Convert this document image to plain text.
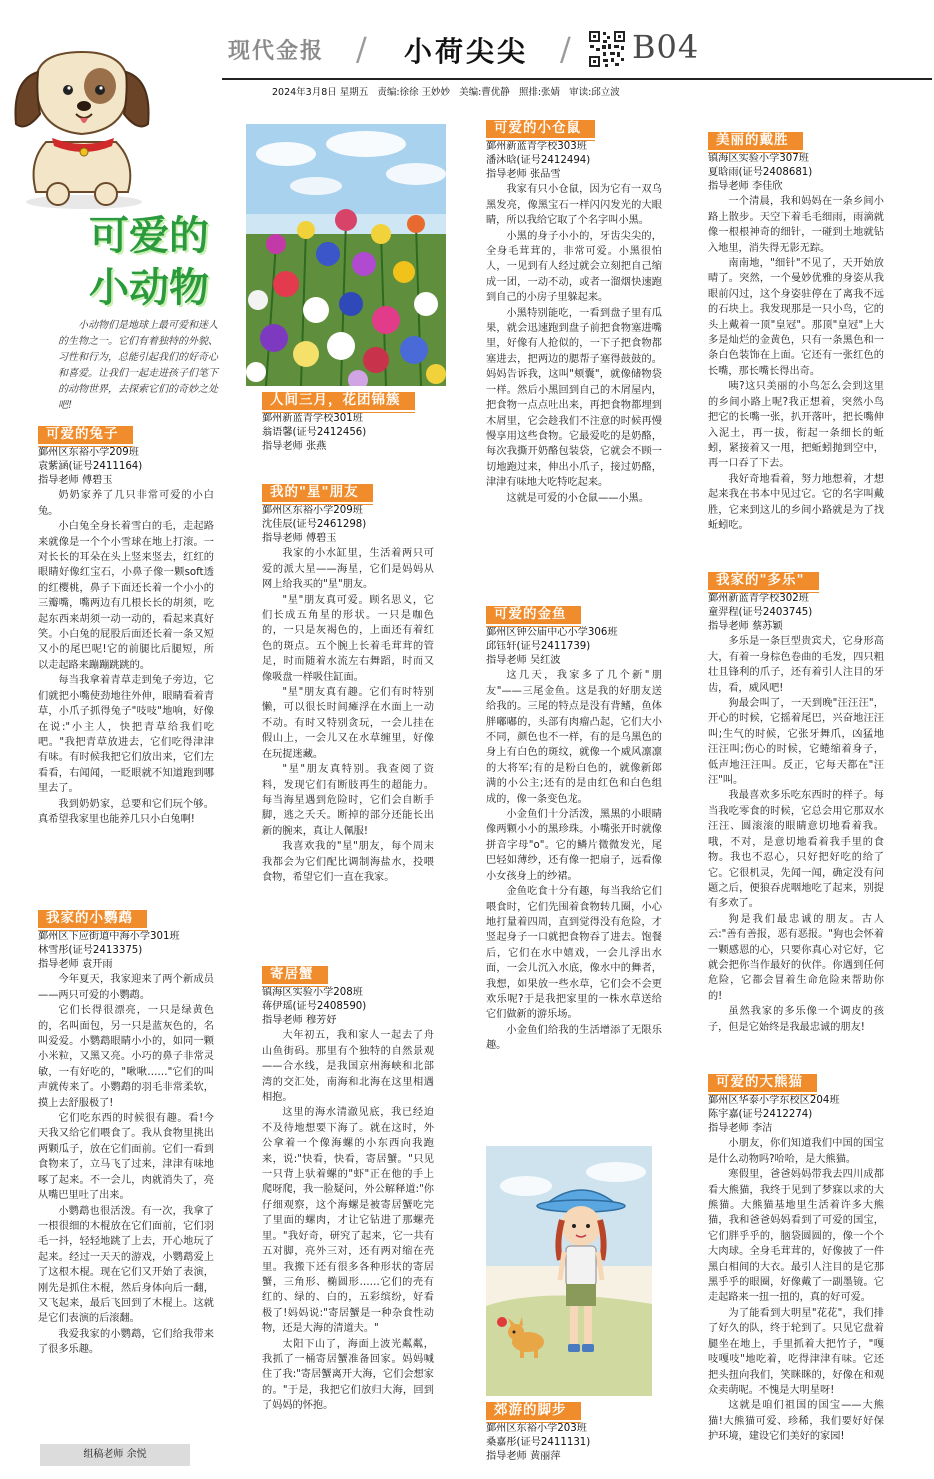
现代金报 / 小荷尖尖 / B04
2024年3月8日 星期五 责编:徐徐 王妙妙 美编:曹优静 照排:张婧 审读:邱立波
可爱的
小动物
小动物们是地球上最可爱和迷人的生物之一。它们有着独特的外貌、习性和行为，总能引起我们的好奇心和喜爱。让我们一起走进孩子们笔下的动物世界，去探索它们的奇妙之处吧!
可爱的兔子
鄞州区东裕小学209班
袁紫涵(证号2411164)
指导老师 傅碧玉

奶奶家养了几只非常可爱的小白兔。

小白兔全身长着雪白的毛，走起路来就像是一个个小雪球在地上打滚。一对长长的耳朵在头上竖来竖去，红红的眼睛好像红宝石，小鼻子像一颗soft透的红樱桃，鼻子下面还长着一个小小的三瓣嘴，嘴两边有几根长长的胡须，吃起东西来胡须一动一动的，看起来真好笑。小白兔的屁股后面还长着一条又短又小的尾巴呢!它的前腿比后腿短，所以走起路来蹦蹦跳跳的。

每当我拿着青草走到兔子旁边，它们就把小嘴使劲地往外伸，眼睛看着青草，小爪子抓得兔子"吱吱"地响，好像在说:"小主人，快把青草给我们吃吧。"我把青草放进去，它们吃得津津有味。有时候我把它们放出来，它们左看看，右闻闻，一眨眼就不知道跑到哪里去了。

我到奶奶家，总要和它们玩个够。真希望我家里也能养几只小白兔啊!

我家的小鹦鹉
鄞州区下应街道中海小学301班
林雪彤(证号2413375)
指导老师 袁开雨

今年夏天，我家迎来了两个新成员——两只可爱的小鹦鹉。

它们长得很漂亮，一只是绿黄色的，名叫面包，另一只是蓝灰色的，名叫爱爱。小鹦鹉眼睛小小的，如同一颗小米粒，又黑又亮。小巧的鼻子非常灵敏，一有好吃的，"啾啾……"它们的叫声就传来了。小鹦鹉的羽毛非常柔软，摸上去舒服极了!

它们吃东西的时候很有趣。看!今天我又给它们喂食了。我从食物里挑出两颗瓜子，放在它们面前。它们一看到食物来了，立马飞了过来，津津有味地啄了起来。不一会儿，肉就消失了，亮从嘴巴里吐了出来。

小鹦鹉也很活泼。有一次，我拿了一根很细的木棍放在它们面前，它们羽毛一抖，轻轻地跳了上去，开心地玩了起来。经过一天天的游戏，小鹦鹉爱上了这根木棍。现在它们又开始了表演，刚先是抓住木棍，然后身体向后一翻，又飞起来，最后飞回到了木棍上。这就是它们表演的后滚翻。

我爱我家的小鹦鹉，它们给我带来了很多乐趣。

组稿老师 余悦
人间三月，花团锦簇
鄞州新蓝青学校301班
翁语馨(证号2412456)
指导老师 张燕
我的"星"朋友
鄞州区东裕小学209班
沈佳辰(证号2461298)
指导老师 傅碧玉

我家的小水缸里，生活着两只可爱的派大星——海星，它们是妈妈从网上给我买的"星"朋友。

"星"朋友真可爱。顾名思义，它们长成五角星的形状。一只是咖色的，一只是灰褐色的，上面还有着红色的斑点。五个腕上长着毛茸茸的管足，时而随着水流左右舞蹈，时而又像吸盘一样吸住缸面。

"星"朋友真有趣。它们有时特别懒，可以很长时间瘫浮在水面上一动不动。有时又特别贪玩，一会儿挂在假山上，一会儿又在水草缠里，好像在玩捉迷藏。

"星"朋友真特别。我查阅了资料，发现它们有断肢再生的超能力。每当海星遇到危险时，它们会自断手脚，逃之夭夭。断掉的部分还能长出新的腕来，真让人佩服!

我喜欢我的"星"朋友，每个周末我都会为它们配比调制海盐水，投喂食物，希望它们一直在我家。

寄居蟹
镇海区实验小学208班
蒋伊瑶(证号2408590)
指导老师 穆芳妤

大年初五，我和家人一起去了舟山鱼街码。那里有个独特的自然景观——合水线，是我国京州海峡和北部湾的交汇处，南海和北海在这里相遇相抱。

这里的海水清澈见底，我已经迫不及待地想要下海了。就在这时，外公拿着一个像海螺的小东西向我跑来，说:"快看，快看，寄居蟹。"只见一只背上驮着螺的"虾"正在他的手上爬呀爬，我一脸疑问，外公解释道:"你仔细观察，这个海螺是被寄居蟹吃完了里面的螺肉，才让它钻进了那螺壳里。"我好奇，研究了起来，它一共有五对脚，亮外三对，还有两对缩在壳里。我搬下还有很多各种形状的寄居蟹，三角形、椭圆形……它们的壳有红的、绿的、白的，五彩缤纷，好看极了!妈妈说:"寄居蟹是一种杂食性动物，还是大海的清道夫。"

太阳下山了，海面上波光粼粼，我抓了一桶寄居蟹准备回家。妈妈喊住了我:"寄居蟹离开大海，它们会想家的。"于是，我把它们放归大海，回到了妈妈的怀抱。

可爱的小仓鼠
鄞州新蓝青学校303班
潘沐晗(证号2412494)
指导老师 张品雪

我家有只小仓鼠，因为它有一双乌黑发亮，像黑宝石一样闪闪发光的大眼睛，所以我给它取了个名字叫小黑。

小黑的身子小小的，牙齿尖尖的，全身毛茸茸的，非常可爱。小黑很怕人，一见到有人经过就会立刻把自己缩成一团，一动不动，或者一溜烟快速跑到自己的小房子里躲起来。

小黑特别能吃，一看到盘子里有瓜果，就会迅速跑到盘子前把食物塞进嘴里，好像有人抢似的，一下子把食物都塞进去，把两边的腮帮子塞得鼓鼓的。妈妈告诉我，这叫"颊囊"，就像储物袋一样。然后小黑回到自己的木屑屋内，把食物一点点吐出来，再把食物都埋到木屑里，它会趁我们不注意的时候再慢慢享用这些食物。它最爱吃的是奶酪，每次我撕开奶酪包装袋，它就会不顾一切地跑过来，伸出小爪子，接过奶酪，津津有味地大吃特吃起来。

这就是可爱的小仓鼠——小黑。

可爱的金鱼
鄞州区钟公庙中心小学306班
邱钰轩(证号2411739)
指导老师 吴红波

这几天，我家多了几个新"朋友"——三尾金鱼。这是我的好朋友送给我的。三尾的特点是没有背鳍，鱼体胖嘟嘟的，头部有肉瘤凸起，它们大小不同，颜色也不一样，有的是乌黑色的身上有白色的斑纹，就像一个威风凛凛的大将军;有的是粉白色的，就像新郎满的小公主;还有的是由红色和白色组成的，像一条变色龙。

小金鱼们十分活泼，黑黑的小眼睛像两颗小小的黑珍珠。小嘴张开时就像拼音字母"o"。它的鳞片微微发光，尾巴轻如薄纱，还有像一把扇子，远看像小女孩身上的纱裙。

金鱼吃食十分有趣，每当我给它们喂食时，它们先围着食物转几圈，小心地打量着四周，直到觉得没有危险，才竖起身子一口就把食物吞了进去。饱餐后，它们在水中嬉戏，一会儿浮出水面，一会儿沉入水底，像水中的舞者，我想，如果放一些水草，它们会不会更欢乐呢?于是我把家里的一株水草送给它们做新的游乐场。

小金鱼们给我的生活增添了无限乐趣。

郊游的脚步
鄞州区东裕小学203班
桑嘉彤(证号2411131)
指导老师 黄丽萍
美丽的戴胜
镇海区实验小学307班
夏晗雨(证号2408681)
指导老师 李佳欣

一个清晨，我和妈妈在一条乡间小路上散步。天空下着毛毛细雨，雨滴就像一根根神奇的细针，一碰到土地就钻入地里，消失得无影无踪。

南南地，"细针"不见了，天开始放晴了。突然，一个曼妙优雅的身姿从我眼前闪过，这个身姿驻停在了离我不远的石块上。我发现那是一只小鸟，它的头上戴着一顶"皇冠"。那顶"皇冠"上大多是灿烂的金黄色，只有一条黑色和一条白色装饰在上面。它还有一张红色的长嘴，那长嘴长得出奇。

咦?这只美丽的小鸟怎么会到这里的乡间小路上呢?我正想着，突然小鸟把它的长嘴一张，扒开落叶，把长嘴伸入泥土，再一拔，衔起一条细长的蚯蚓，紧接着又一甩，把蚯蚓抛到空中，再一口吞了下去。

我好奇地看着，努力地想着，才想起来我在书本中见过它。它的名字叫戴胜，它来到这儿的乡间小路就是为了找蚯蚓吃。

我家的"多乐"
鄞州新蓝青学校302班
童羿程(证号2403745)
指导老师 蔡苏颖

多乐是一条巨型贵宾犬，它身形高大，有着一身棕色卷曲的毛发，四只粗壮且锋利的爪子，还有着引人注目的牙齿，看，威风吧!

狗最会叫了，一天到晚"汪汪汪"，开心的时候，它摇着尾巴，兴奋地汪汪叫;生气的时候，它张牙舞爪，凶猛地汪汪叫;伤心的时候，它蜷缩着身子，低声地汪汪叫。反正，它每天都在"汪汪"叫。

我最喜欢多乐吃东西时的样子。每当我吃零食的时候，它总会用它那双水汪汪、圆滚滚的眼睛意切地看着我。哦，不对，是意切地看着我手里的食物。我也不忍心，只好把好吃的给了它。它很机灵，先闻一闻，确定没有问题之后，便狼吞虎咽地吃了起来，别提有多欢了。

狗是我们最忠诚的朋友。古人云:"善有善报，恶有恶报。"狗也会怀着一颗感恩的心，只要你真心对它好，它就会把你当作最好的伙伴。你遇到任何危险，它都会冒着生命危险来帮助你的!

虽然我家的多乐像一个调皮的孩子，但是它始终是我最忠诚的朋友!

可爱的大熊猫
鄞州区华泰小学东校区204班
陈宇嘉(证号2412274)
指导老师 李洁

小朋友，你们知道我们中国的国宝是什么动物吗?哈哈，是大熊猫。

寒假里，爸爸妈妈带我去四川成都看大熊猫，我终于见到了梦寐以求的大熊猫。大熊猫基地里生活着许多大熊猫，我和爸爸妈妈看到了可爱的国宝，它们胖乎乎的，脑袋圆圆的，像一个个大肉球。全身毛茸茸的，好像披了一件黑白相间的大衣。最引人注目的是它那黑乎乎的眼圈，好像戴了一副墨镜。它走起路来一扭一扭的，真的好可爱。

为了能看到大明星"花花"，我们排了好久的队，终于轮到了。只见它盘着腿坐在地上，手里抓着大把竹子，"嘎吱嘎吱"地吃着，吃得津津有味。它还把头扭向我们，笑眯眯的，好像在和观众卖萌呢。不愧是大明星呀!

这就是咱们祖国的国宝——大熊猫!大熊猫可爱、珍稀，我们要好好保护环境，建设它们美好的家园!
